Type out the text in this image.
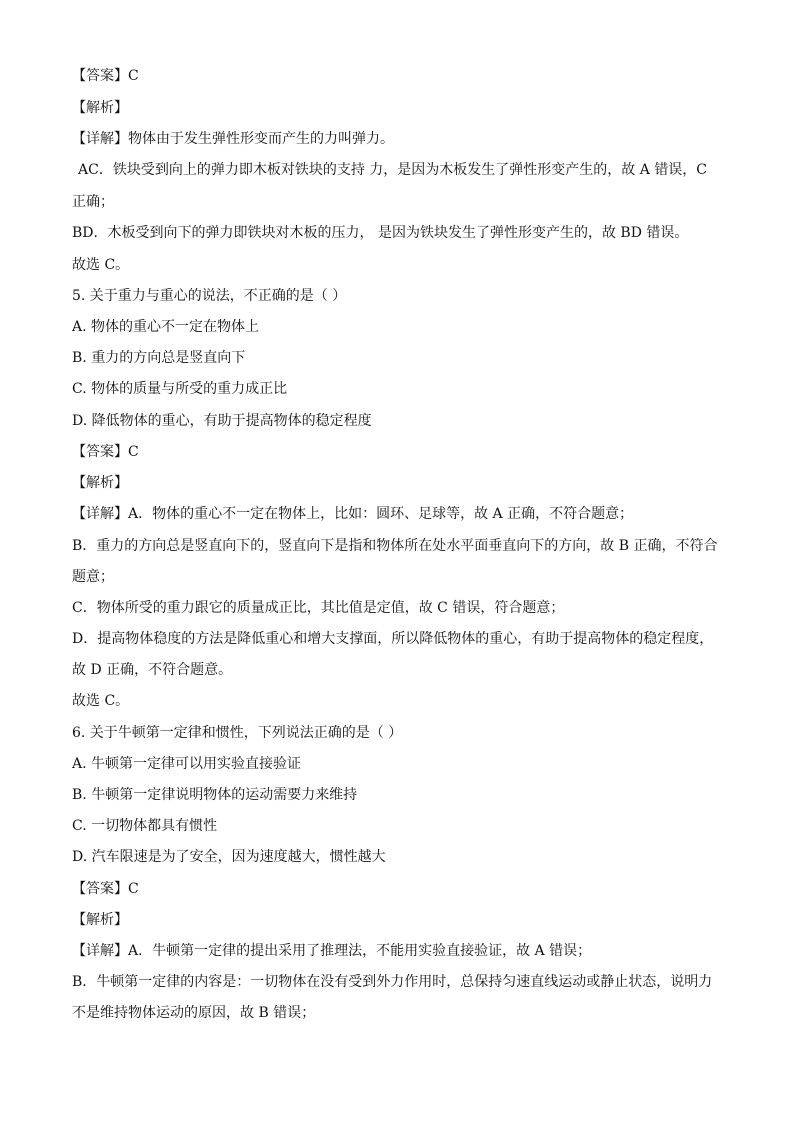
【答案】C
【解析】
【详解】物体由于发生弹性形变而产生的力叫弹力。
AC．铁块受到向上的弹力即木板对铁块的支持 力，是因为木板发生了弹性形变产生的，故 A 错误，C
正确；
BD．木板受到向下的弹力即铁块对木板的压力， 是因为铁块发生了弹性形变产生的，故 BD 错误。
故选 C。
5. 关于重力与重心的说法，不正确的是（ ）
A. 物体的重心不一定在物体上
B. 重力的方向总是竖直向下
C. 物体的质量与所受的重力成正比
D. 降低物体的重心，有助于提高物体的稳定程度
【答案】C
【解析】
【详解】A．物体的重心不一定在物体上，比如：圆环、足球等，故 A 正确，不符合题意；
B．重力的方向总是竖直向下的，竖直向下是指和物体所在处水平面垂直向下的方向，故 B 正确，不符合
题意；
C．物体所受的重力跟它的质量成正比，其比值是定值，故 C 错误，符合题意；
D．提高物体稳度的方法是降低重心和增大支撑面，所以降低物体的重心，有助于提高物体的稳定程度，
故 D 正确，不符合题意。
故选 C。
6. 关于牛顿第一定律和惯性，下列说法正确的是（ ）
A. 牛顿第一定律可以用实验直接验证
B. 牛顿第一定律说明物体的运动需要力来维持
C. 一切物体都具有惯性
D. 汽车限速是为了安全，因为速度越大，惯性越大
【答案】C
【解析】
【详解】A．牛顿第一定律的提出采用了推理法，不能用实验直接验证，故 A 错误；
B．牛顿第一定律的内容是：一切物体在没有受到外力作用时，总保持匀速直线运动或静止状态，说明力
不是维持物体运动的原因，故 B 错误；
